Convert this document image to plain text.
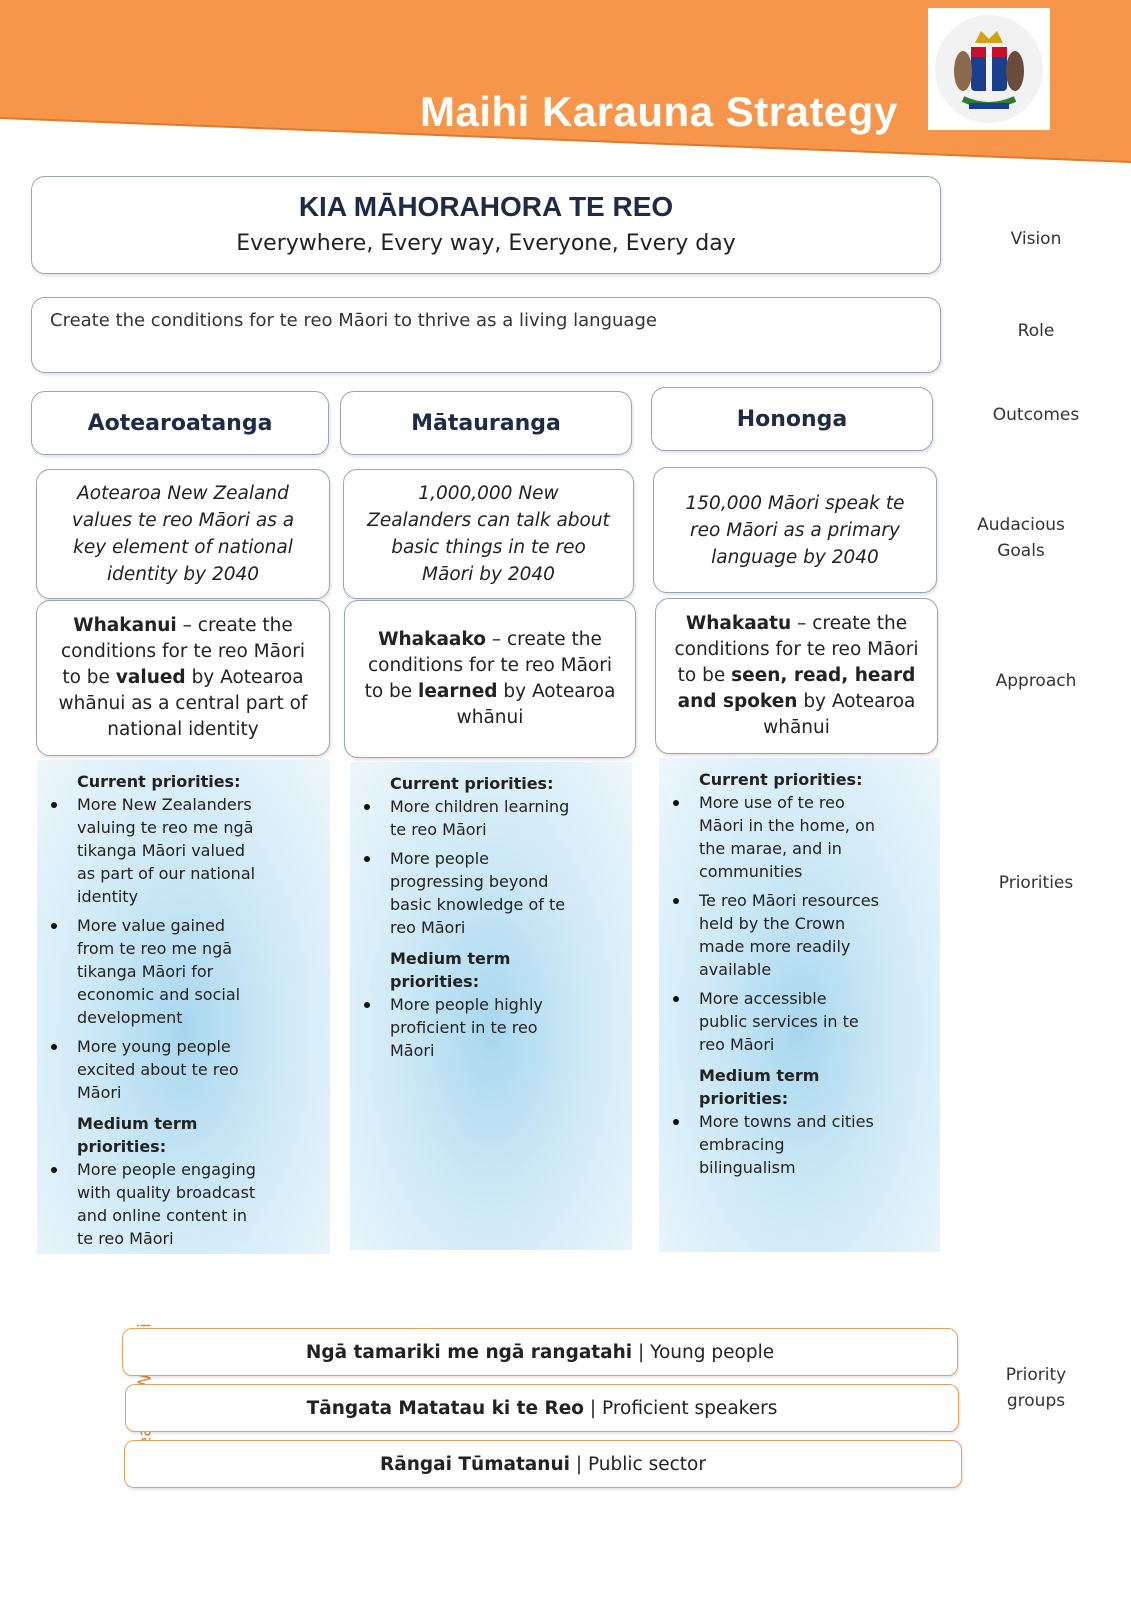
Maihi Karauna Strategy
KIA MĀHORAHORA TE REO
Everywhere, Every way, Everyone, Every day
Create the conditions for te reo Māori to thrive as a living language
Aotearoatanga	Mātauranga	Hononga
Aotearoa New Zealand values te reo Māori as a key element of national identity by 2040
1,000,000 New Zealanders can talk about basic things in te reo Māori by 2040
150,000 Māori speak te reo Māori as a primary language by 2040
Whakanui – create the conditions for te reo Māori to be valued by Aotearoa whānui as a central part of national identity
Whakaako – create the conditions for te reo Māori to be learned by Aotearoa whānui
Whakaatu – create the conditions for te reo Māori to be seen, read, heard and spoken by Aotearoa whānui
Current priorities:
More New Zealanders valuing te reo me ngā tikanga Māori valued as part of our national identity
More value gained from te reo me ngā tikanga Māori for economic and social development
More young people excited about te reo Māori
Medium term priorities:
More people engaging with quality broadcast and online content in te reo Māori
Current priorities:
More children learning te reo Māori
More people progressing beyond basic knowledge of te reo Māori
Medium term priorities:
More people highly proficient in te reo Māori
Current priorities:
More use of te reo Māori in the home, on the marae, and in communities
Te reo Māori resources held by the Crown made more readily available
More accessible public services in te reo Māori
Medium term priorities:
More towns and cities embracing bilingualism
Vision
Role
Outcomes
Audacious Goals
Approach
Priorities
Priority groups
Ngā tamariki me ngā rangatahi | Young people
Tāngata Matatau ki te Reo | Proficient speakers
Rāngai Tūmatanui | Public sector
